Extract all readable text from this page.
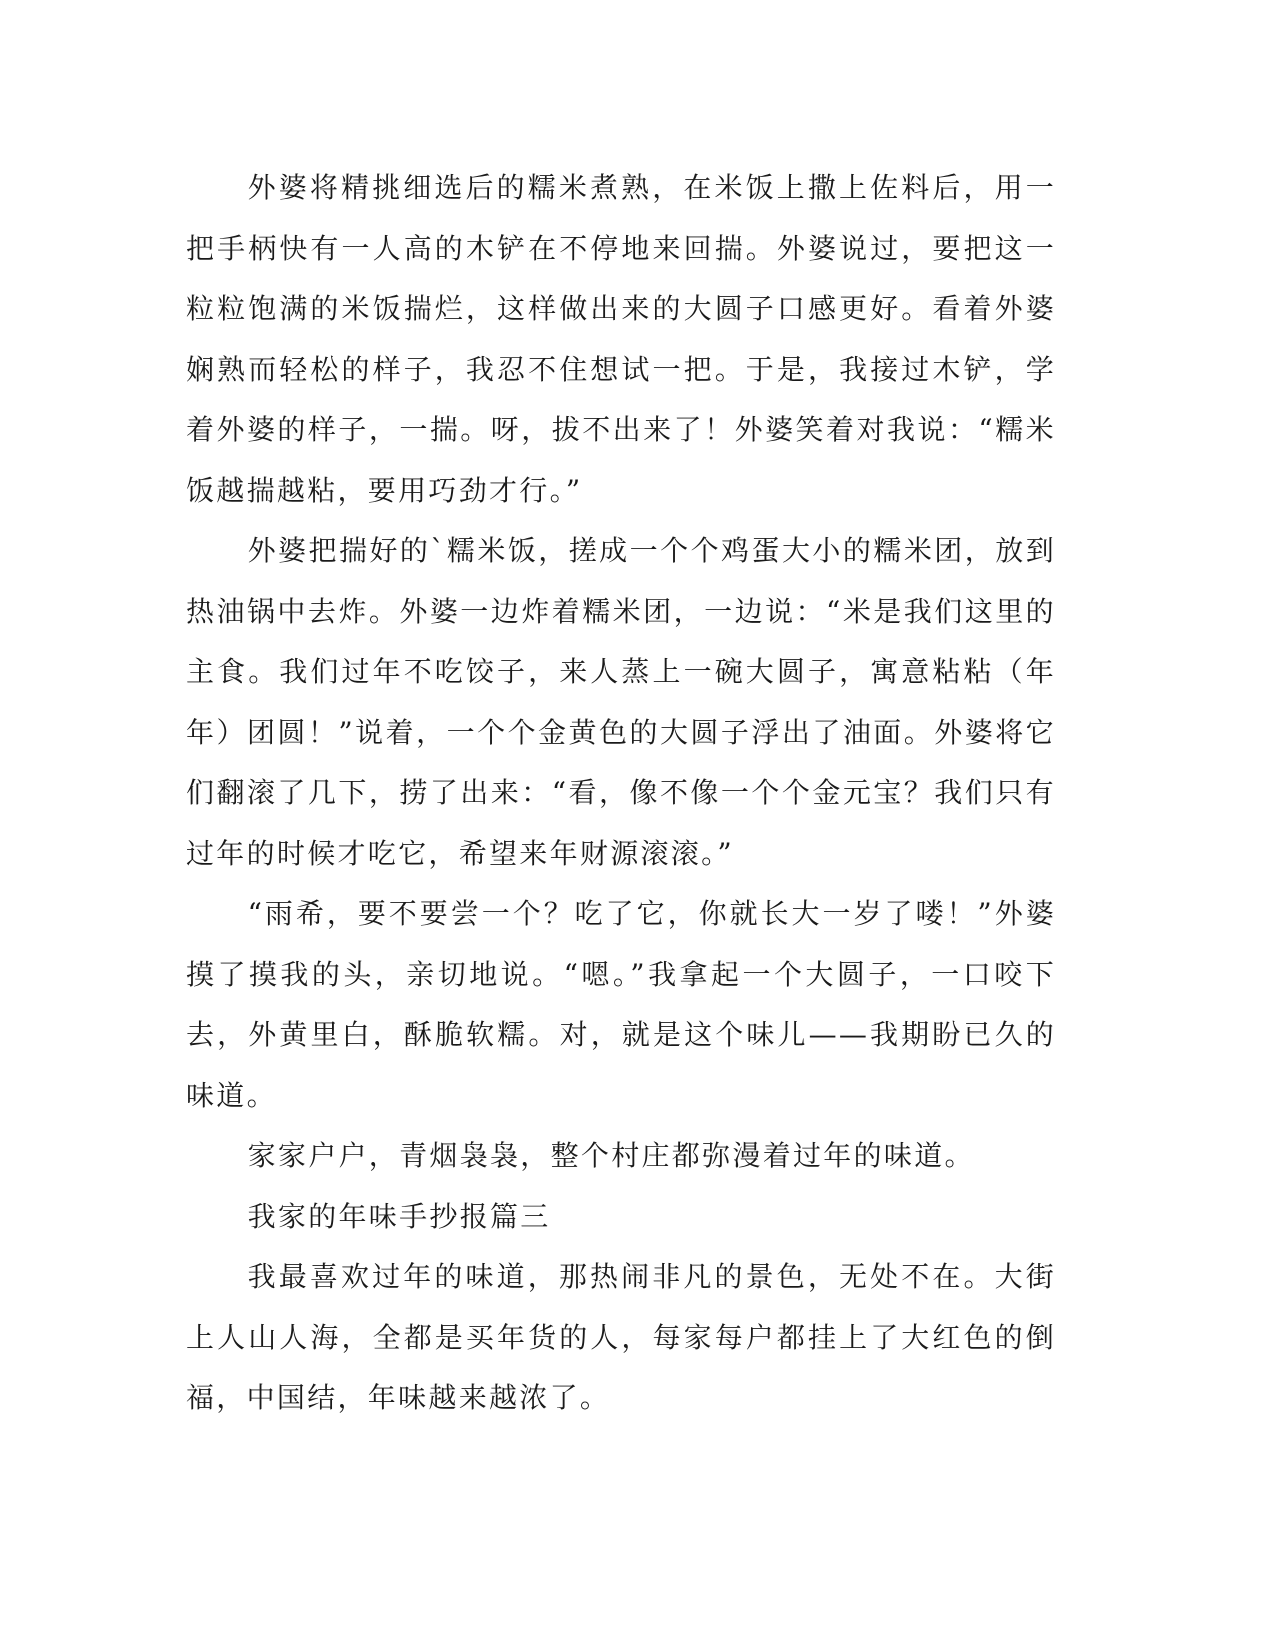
外婆将精挑细选后的糯米煮熟，在米饭上撒上佐料后，用一把手柄快有一人高的木铲在不停地来回揣。外婆说过，要把这一粒粒饱满的米饭揣烂，这样做出来的大圆子口感更好。看着外婆娴熟而轻松的样子，我忍不住想试一把。于是，我接过木铲，学着外婆的样子，一揣。呀，拔不出来了！外婆笑着对我说：“糯米饭越揣越粘，要用巧劲才行。”

外婆把揣好的`糯米饭，搓成一个个鸡蛋大小的糯米团，放到热油锅中去炸。外婆一边炸着糯米团，一边说：“米是我们这里的主食。我们过年不吃饺子，来人蒸上一碗大圆子，寓意粘粘（年年）团圆！”说着，一个个金黄色的大圆子浮出了油面。外婆将它们翻滚了几下，捞了出来：“看，像不像一个个金元宝？我们只有过年的时候才吃它，希望来年财源滚滚。”

“雨希，要不要尝一个？吃了它，你就长大一岁了喽！”外婆摸了摸我的头，亲切地说。“嗯。”我拿起一个大圆子，一口咬下去，外黄里白，酥脆软糯。对，就是这个味儿——我期盼已久的味道。

家家户户，青烟袅袅，整个村庄都弥漫着过年的味道。

我家的年味手抄报篇三

我最喜欢过年的味道，那热闹非凡的景色，无处不在。大街上人山人海，全都是买年货的人，每家每户都挂上了大红色的倒福，中国结，年味越来越浓了。
